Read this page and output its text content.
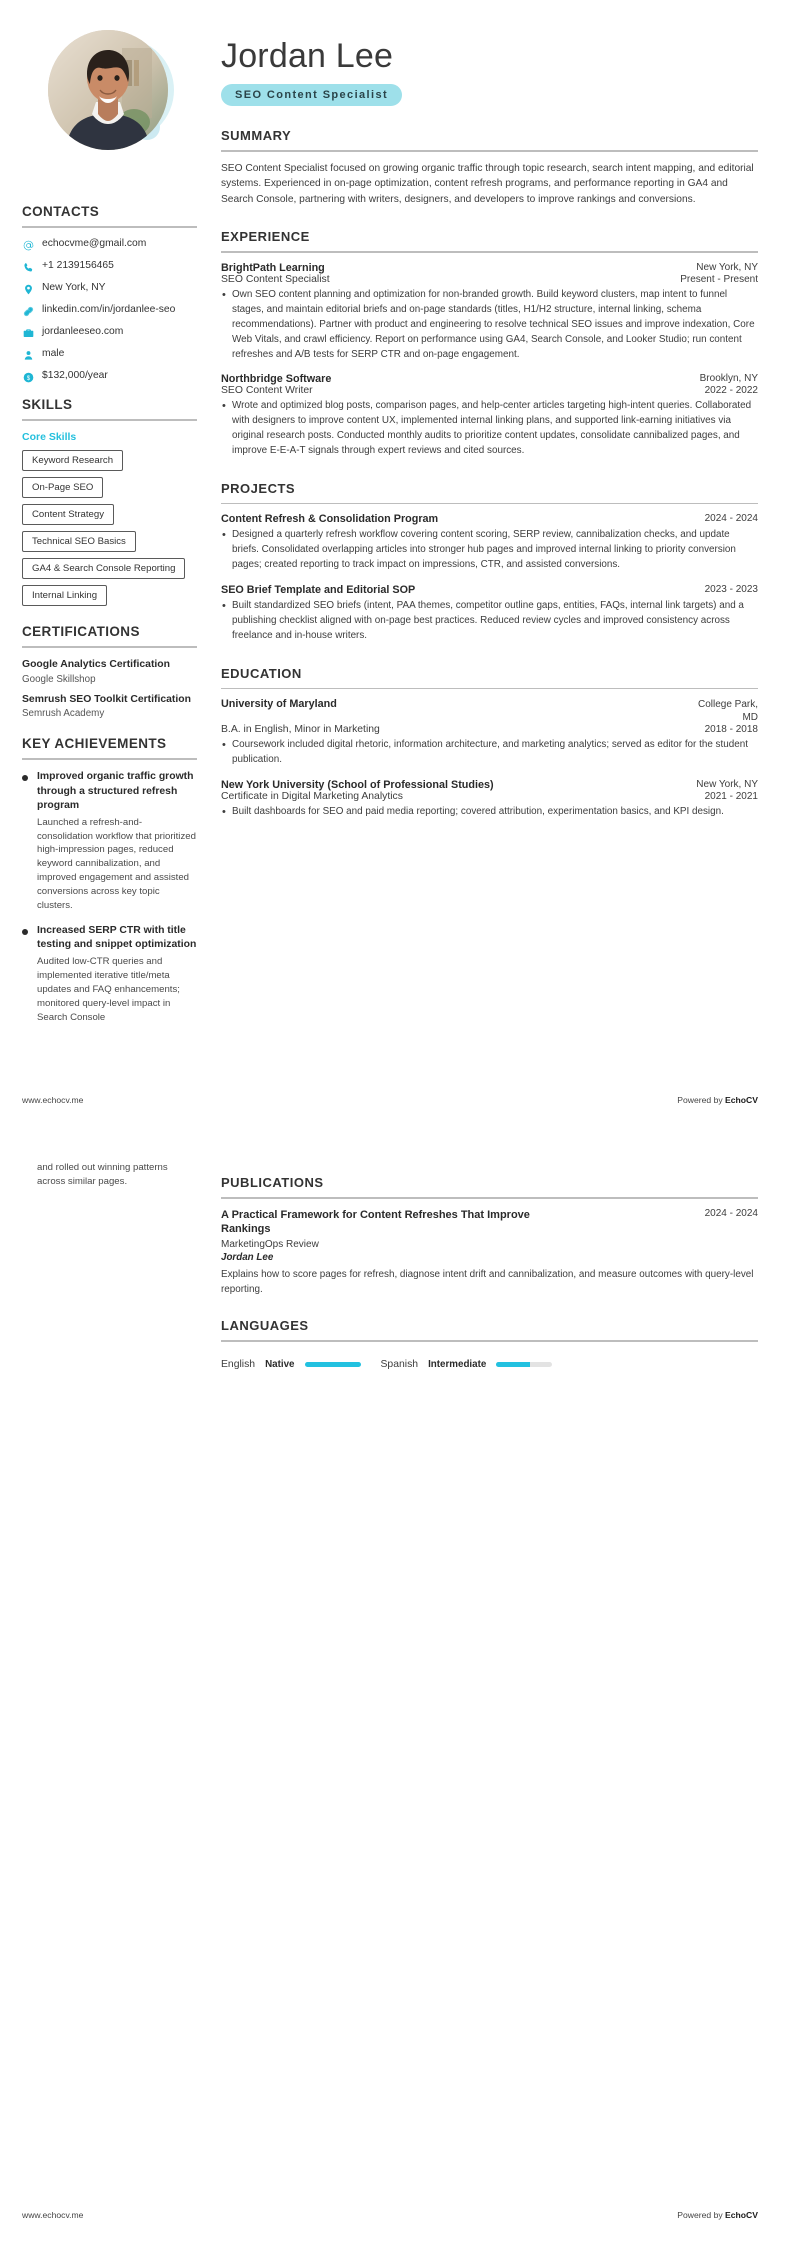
CONTACTS
echocvme@gmail.com
+1 2139156465
New York, NY
linkedin.com/in/jordanlee-seo
jordanleeseo.com
male
$ $132,000/year
SKILLS
Core Skills
Keyword Research
On-Page SEO
Content Strategy
Technical SEO Basics
GA4 & Search Console Reporting
Internal Linking
CERTIFICATIONS
Google Analytics Certification
Google Skillshop
Semrush SEO Toolkit Certification
Semrush Academy
KEY ACHIEVEMENTS
Improved organic traffic growth through a structured refresh program
Launched a refresh-and-consolidation workflow that prioritized high-impression pages, reduced keyword cannibalization, and improved engagement and assisted conversions across key topic clusters.
Increased SERP CTR with title testing and snippet optimization
Audited low-CTR queries and implemented iterative title/meta updates and FAQ enhancements; monitored query-level impact in Search Console
Jordan Lee
SEO Content Specialist
SUMMARY

SEO Content Specialist focused on growing organic traffic through topic research, search intent mapping, and editorial systems. Experienced in on-page optimization, content refresh programs, and performance reporting in GA4 and Search Console, partnering with writers, designers, and developers to improve rankings and conversions.

EXPERIENCE
BrightPath Learning	New York, NY
SEO Content Specialist	Present - Present
• Own SEO content planning and optimization for non-branded growth. Build keyword clusters, map intent to funnel stages, and maintain editorial briefs and on-page standards (titles, H1/H2 structure, internal linking, schema recommendations). Partner with product and engineering to resolve technical SEO issues and improve indexation, Core Web Vitals, and crawl efficiency. Report on performance using GA4, Search Console, and Looker Studio; run content refreshes and A/B tests for SERP CTR and on-page engagement.
Northbridge Software	Brooklyn, NY
SEO Content Writer	2022 - 2022
• Wrote and optimized blog posts, comparison pages, and help-center articles targeting high-intent queries. Collaborated with designers to improve content UX, implemented internal linking plans, and supported link-earning initiatives via original research posts. Conducted monthly audits to prioritize content updates, consolidate cannibalized pages, and improve E-E-A-T signals through expert reviews and cited sources.
PROJECTS
Content Refresh & Consolidation Program	2024 - 2024
• Designed a quarterly refresh workflow covering content scoring, SERP review, cannibalization checks, and update briefs. Consolidated overlapping articles into stronger hub pages and improved internal linking to priority conversion pages; created reporting to track impact on impressions, CTR, and assisted conversions.
SEO Brief Template and Editorial SOP	2023 - 2023
• Built standardized SEO briefs (intent, PAA themes, competitor outline gaps, entities, FAQs, internal link targets) and a publishing checklist aligned with on-page best practices. Reduced review cycles and improved consistency across freelance and in-house writers.
EDUCATION
University of Maryland	College Park, MD
B.A. in English, Minor in Marketing	2018 - 2018
• Coursework included digital rhetoric, information architecture, and marketing analytics; served as editor for the student publication.
New York University (School of Professional Studies)	New York, NY
Certificate in Digital Marketing Analytics	2021 - 2021
• Built dashboards for SEO and paid media reporting; covered attribution, experimentation basics, and KPI design.
www.echocv.me	Powered by EchoCV
and rolled out winning patterns across similar pages.	PUBLICATIONS
A Practical Framework for Content Refreshes That Improve Rankings
2024 - 2024
MarketingOps Review
Jordan Lee
Explains how to score pages for refresh, diagnose intent drift and cannibalization, and measure outcomes with query-level reporting.
LANGUAGES
English Native	Spanish Intermediate
www.echocv.me	Powered by EchoCV
